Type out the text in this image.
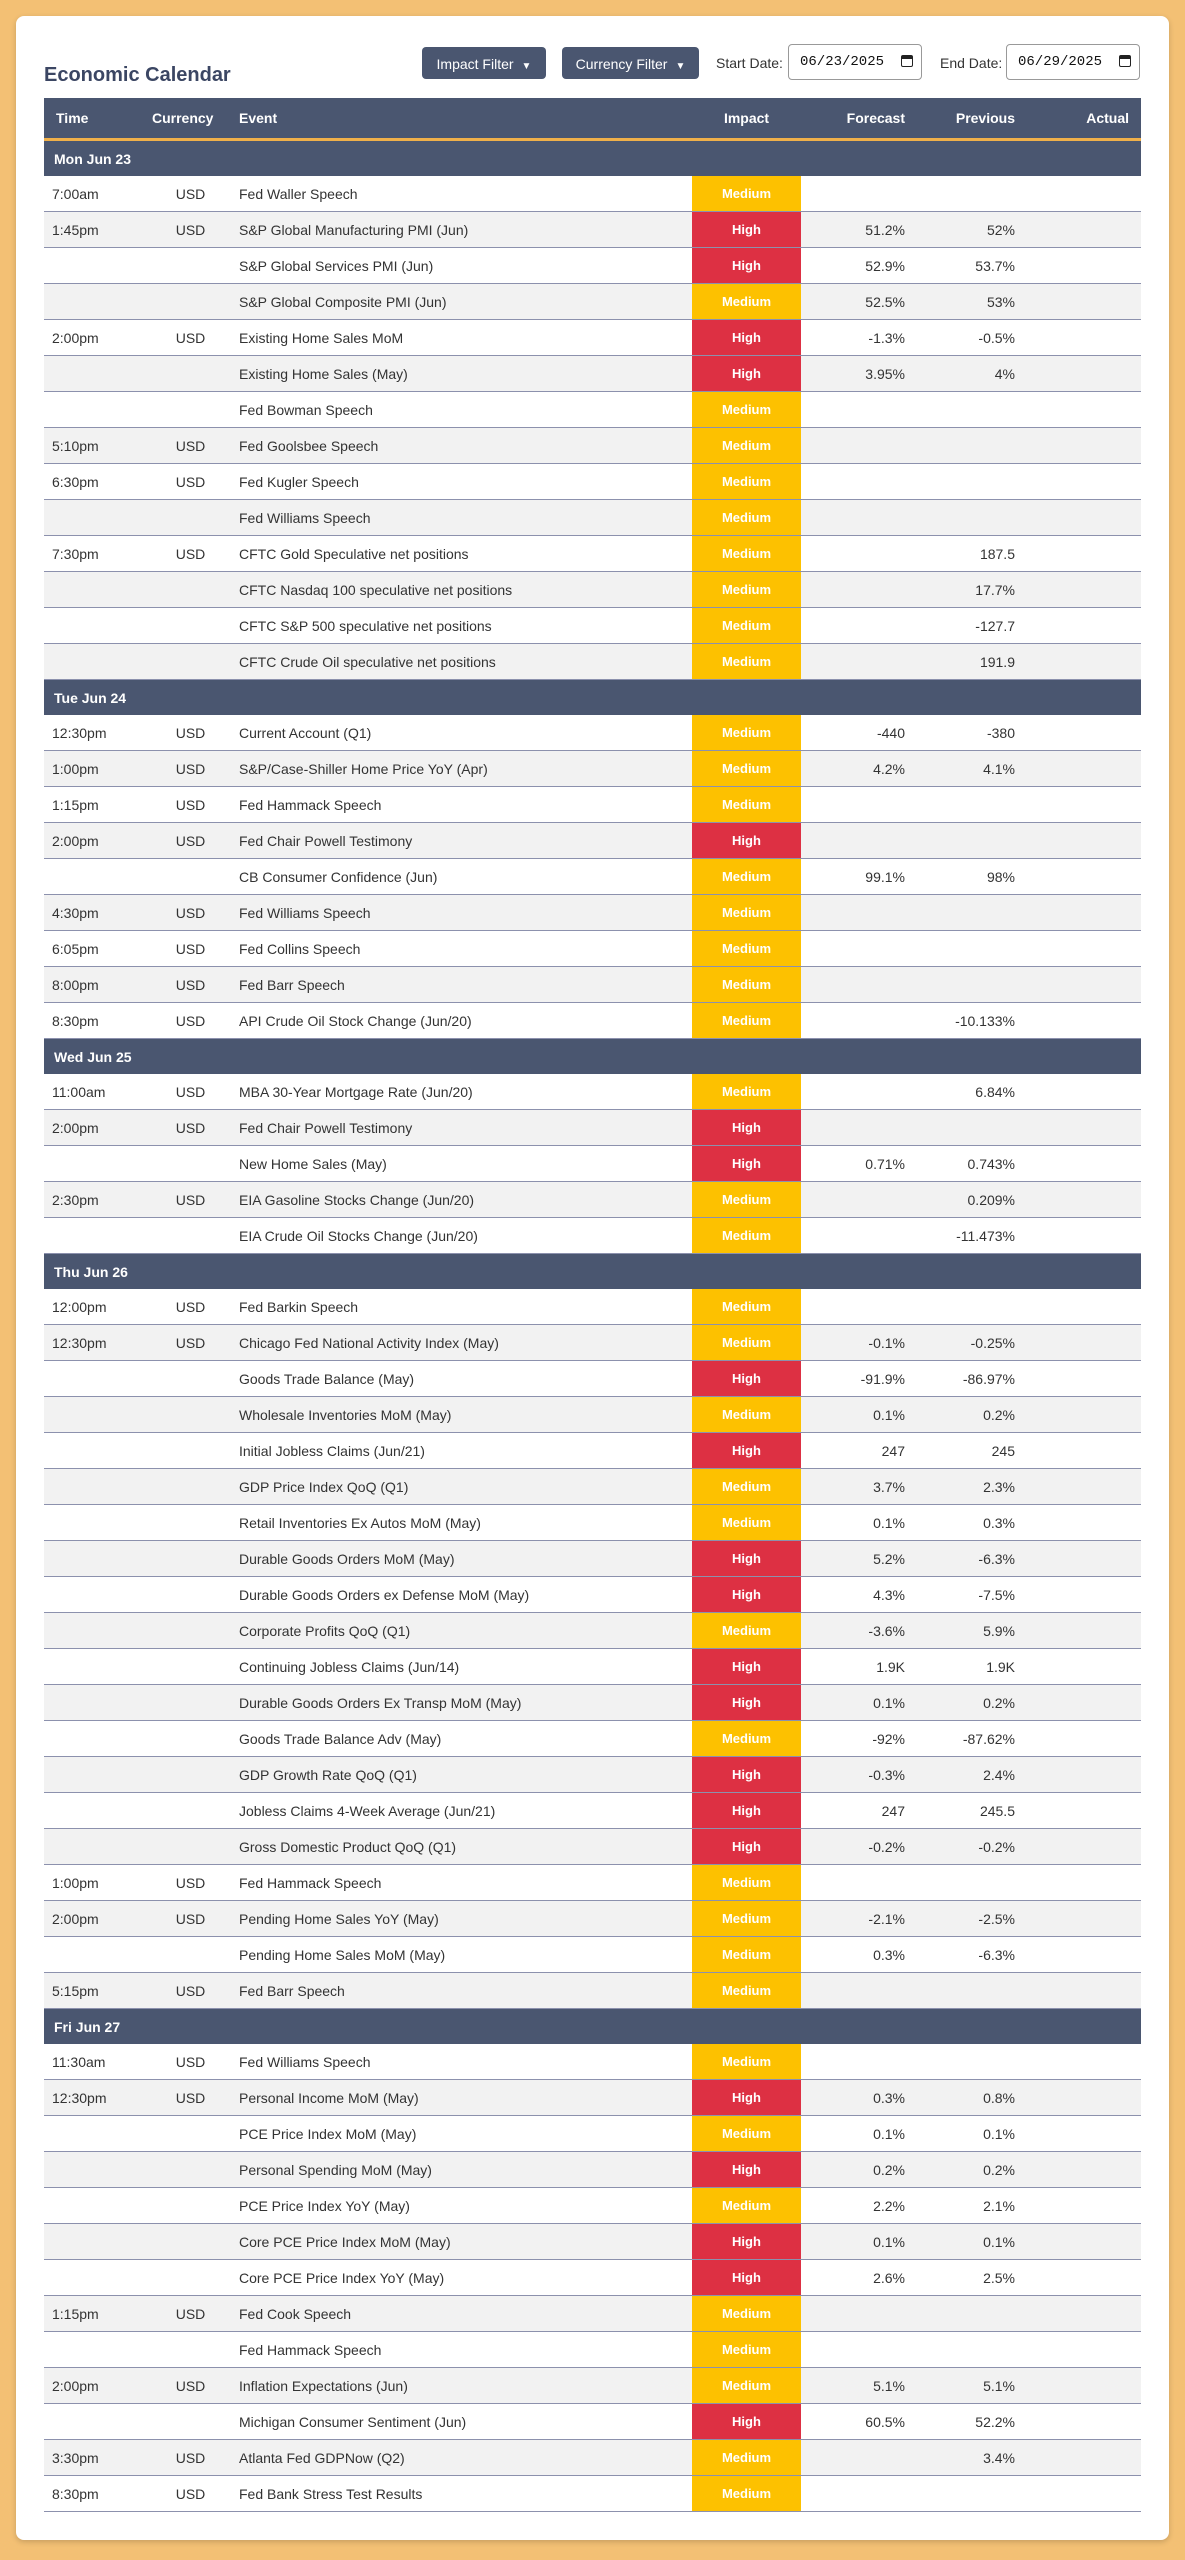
Economic Calendar	Impact Filter ▼	Currency Filter ▼	Start Date:	06/23/2025	End Date:	06/29/2025
Time	Currency	Event	Impact	Forecast	Previous	Actual
Mon Jun 23						
7:00am	USD	Fed Waller Speech	Medium			
1:45pm	USD	S&P Global Manufacturing PMI (Jun)	High	51.2%	52%	
		S&P Global Services PMI (Jun)	High	52.9%	53.7%	
		S&P Global Composite PMI (Jun)	Medium	52.5%	53%	
2:00pm	USD	Existing Home Sales MoM	High	-1.3%	-0.5%	
		Existing Home Sales (May)	High	3.95%	4%	
		Fed Bowman Speech	Medium			
5:10pm	USD	Fed Goolsbee Speech	Medium			
6:30pm	USD	Fed Kugler Speech	Medium			
		Fed Williams Speech	Medium			
7:30pm	USD	CFTC Gold Speculative net positions	Medium		187.5	
		CFTC Nasdaq 100 speculative net positions	Medium		17.7%	
		CFTC S&P 500 speculative net positions	Medium		-127.7	
		CFTC Crude Oil speculative net positions	Medium		191.9	
Tue Jun 24						
12:30pm	USD	Current Account (Q1)	Medium	-440	-380	
1:00pm	USD	S&P/Case-Shiller Home Price YoY (Apr)	Medium	4.2%	4.1%	
1:15pm	USD	Fed Hammack Speech	Medium			
2:00pm	USD	Fed Chair Powell Testimony	High			
		CB Consumer Confidence (Jun)	Medium	99.1%	98%	
4:30pm	USD	Fed Williams Speech	Medium			
6:05pm	USD	Fed Collins Speech	Medium			
8:00pm	USD	Fed Barr Speech	Medium			
8:30pm	USD	API Crude Oil Stock Change (Jun/20)	Medium		-10.133%	
Wed Jun 25						
11:00am	USD	MBA 30-Year Mortgage Rate (Jun/20)	Medium		6.84%	
2:00pm	USD	Fed Chair Powell Testimony	High			
		New Home Sales (May)	High	0.71%	0.743%	
2:30pm	USD	EIA Gasoline Stocks Change (Jun/20)	Medium		0.209%	
		EIA Crude Oil Stocks Change (Jun/20)	Medium		-11.473%	
Thu Jun 26						
12:00pm	USD	Fed Barkin Speech	Medium			
12:30pm	USD	Chicago Fed National Activity Index (May)	Medium	-0.1%	-0.25%	
		Goods Trade Balance (May)	High	-91.9%	-86.97%	
		Wholesale Inventories MoM (May)	Medium	0.1%	0.2%	
		Initial Jobless Claims (Jun/21)	High	247	245	
		GDP Price Index QoQ (Q1)	Medium	3.7%	2.3%	
		Retail Inventories Ex Autos MoM (May)	Medium	0.1%	0.3%	
		Durable Goods Orders MoM (May)	High	5.2%	-6.3%	
		Durable Goods Orders ex Defense MoM (May)	High	4.3%	-7.5%	
		Corporate Profits QoQ (Q1)	Medium	-3.6%	5.9%	
		Continuing Jobless Claims (Jun/14)	High	1.9K	1.9K	
		Durable Goods Orders Ex Transp MoM (May)	High	0.1%	0.2%	
		Goods Trade Balance Adv (May)	Medium	-92%	-87.62%	
		GDP Growth Rate QoQ (Q1)	High	-0.3%	2.4%	
		Jobless Claims 4-Week Average (Jun/21)	High	247	245.5	
		Gross Domestic Product QoQ (Q1)	High	-0.2%	-0.2%	
1:00pm	USD	Fed Hammack Speech	Medium			
2:00pm	USD	Pending Home Sales YoY (May)	Medium	-2.1%	-2.5%	
		Pending Home Sales MoM (May)	Medium	0.3%	-6.3%	
5:15pm	USD	Fed Barr Speech	Medium			
Fri Jun 27						
11:30am	USD	Fed Williams Speech	Medium			
12:30pm	USD	Personal Income MoM (May)	High	0.3%	0.8%	
		PCE Price Index MoM (May)	Medium	0.1%	0.1%	
		Personal Spending MoM (May)	High	0.2%	0.2%	
		PCE Price Index YoY (May)	Medium	2.2%	2.1%	
		Core PCE Price Index MoM (May)	High	0.1%	0.1%	
		Core PCE Price Index YoY (May)	High	2.6%	2.5%	
1:15pm	USD	Fed Cook Speech	Medium			
		Fed Hammack Speech	Medium			
2:00pm	USD	Inflation Expectations (Jun)	Medium	5.1%	5.1%	
		Michigan Consumer Sentiment (Jun)	High	60.5%	52.2%	
3:30pm	USD	Atlanta Fed GDPNow (Q2)	Medium		3.4%	
8:30pm	USD	Fed Bank Stress Test Results	Medium			
